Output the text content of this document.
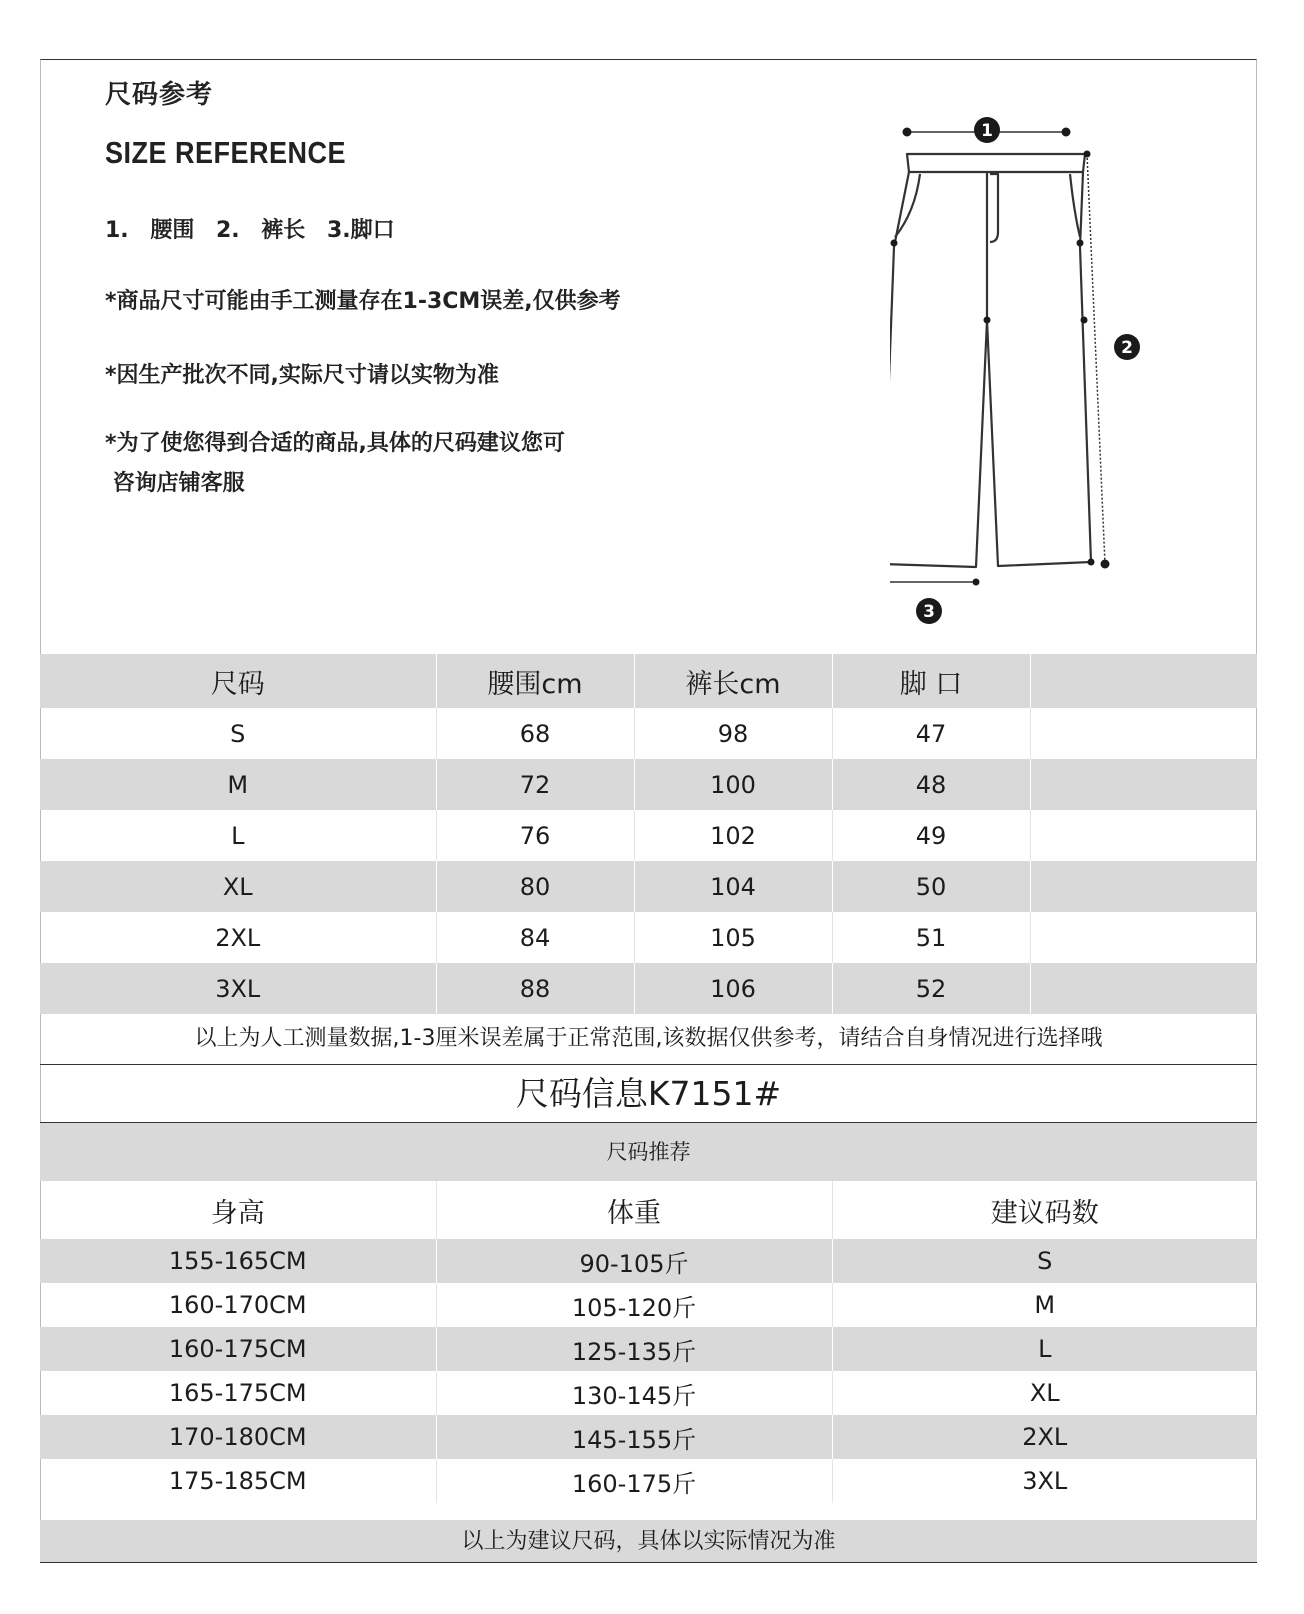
尺码参考
SIZE REFERENCE
1. 腰围 2. 裤长 3.脚口
*商品尺寸可能由手工测量存在1-3CM误差,仅供参考
*因生产批次不同,实际尺寸请以实物为准
*为了使您得到合适的商品,具体的尺码建议您可
咨询店铺客服
1
2
3
尺码	腰围cm	裤长cm	脚 口	
S	68	98	47	
M	72	100	48	
L	76	102	49	
XL	80	104	50	
2XL	84	105	51	
3XL	88	106	52	
以上为人工测量数据,1-3厘米误差属于正常范围,该数据仅供参考，请结合自身情况进行选择哦
尺码信息K7151#
尺码推荐
身高	体重	建议码数
155-165CM	90-105斤	S
160-170CM	105-120斤	M
160-175CM	125-135斤	L
165-175CM	130-145斤	XL
170-180CM	145-155斤	2XL
175-185CM	160-175斤	3XL
以上为建议尺码，具体以实际情况为准
